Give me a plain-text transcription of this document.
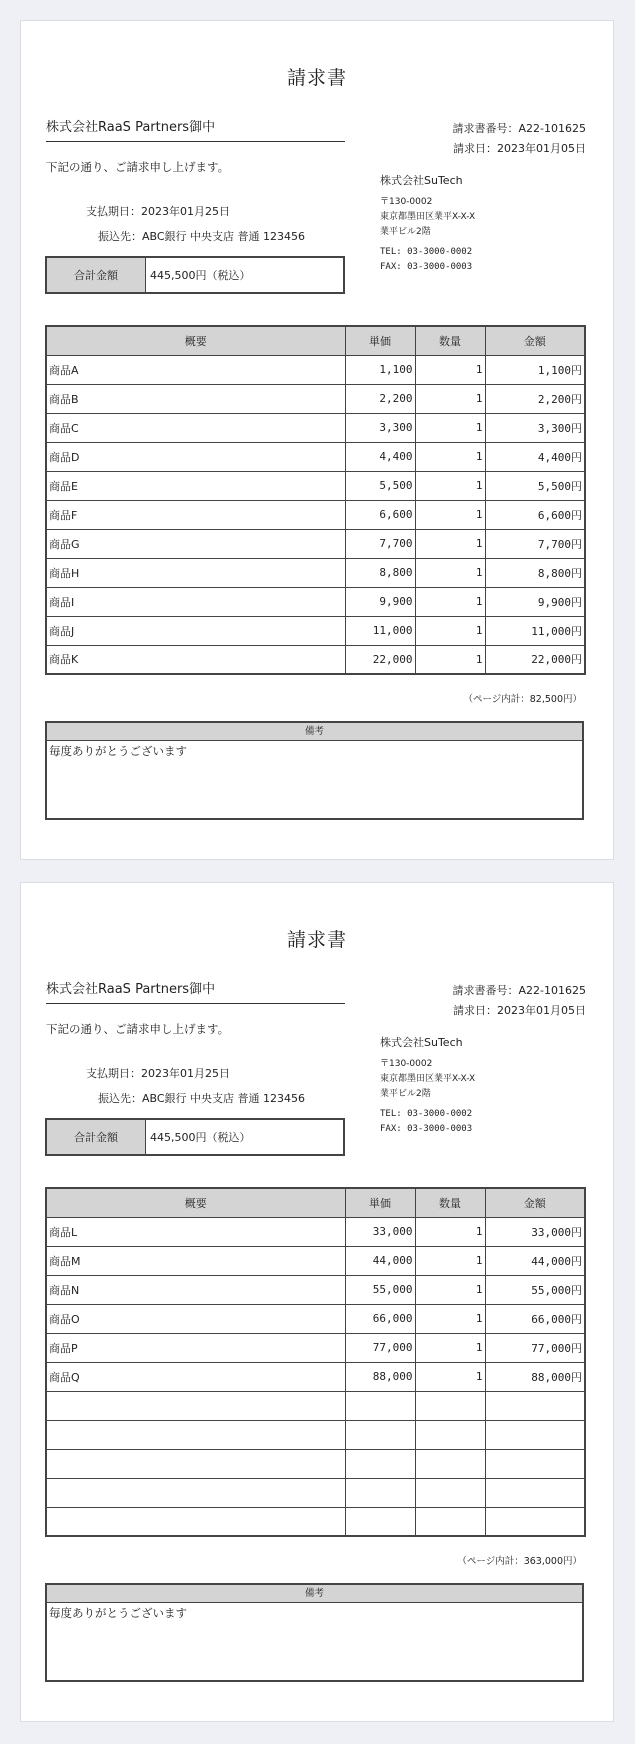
請求書
株式会社RaaS Partners御中
下記の通り、ご請求申し上げます。
支払期日：2023年01月25日
振込先：ABC銀行 中央支店 普通 123456
合計金額	445,500円（税込）
請求書番号：A22-101625
請求日：2023年01月05日
株式会社SuTech
〒130-0002
東京都墨田区業平X-X-X
業平ビル2階
TEL: 03-3000-0002
FAX: 03-3000-0003
概要	単価	数量	金額
商品A	1,100	1	1,100円
商品B	2,200	1	2,200円
商品C	3,300	1	3,300円
商品D	4,400	1	4,400円
商品E	5,500	1	5,500円
商品F	6,600	1	6,600円
商品G	7,700	1	7,700円
商品H	8,800	1	8,800円
商品I	9,900	1	9,900円
商品J	11,000	1	11,000円
商品K	22,000	1	22,000円
（ページ内計：82,500円）
備考
毎度ありがとうございます
請求書
株式会社RaaS Partners御中
下記の通り、ご請求申し上げます。
支払期日：2023年01月25日
振込先：ABC銀行 中央支店 普通 123456
合計金額	445,500円（税込）
請求書番号：A22-101625
請求日：2023年01月05日
株式会社SuTech
〒130-0002
東京都墨田区業平X-X-X
業平ビル2階
TEL: 03-3000-0002
FAX: 03-3000-0003
概要	単価	数量	金額
商品L	33,000	1	33,000円
商品M	44,000	1	44,000円
商品N	55,000	1	55,000円
商品O	66,000	1	66,000円
商品P	77,000	1	77,000円
商品Q	88,000	1	88,000円

（ページ内計：363,000円）
備考
毎度ありがとうございます
